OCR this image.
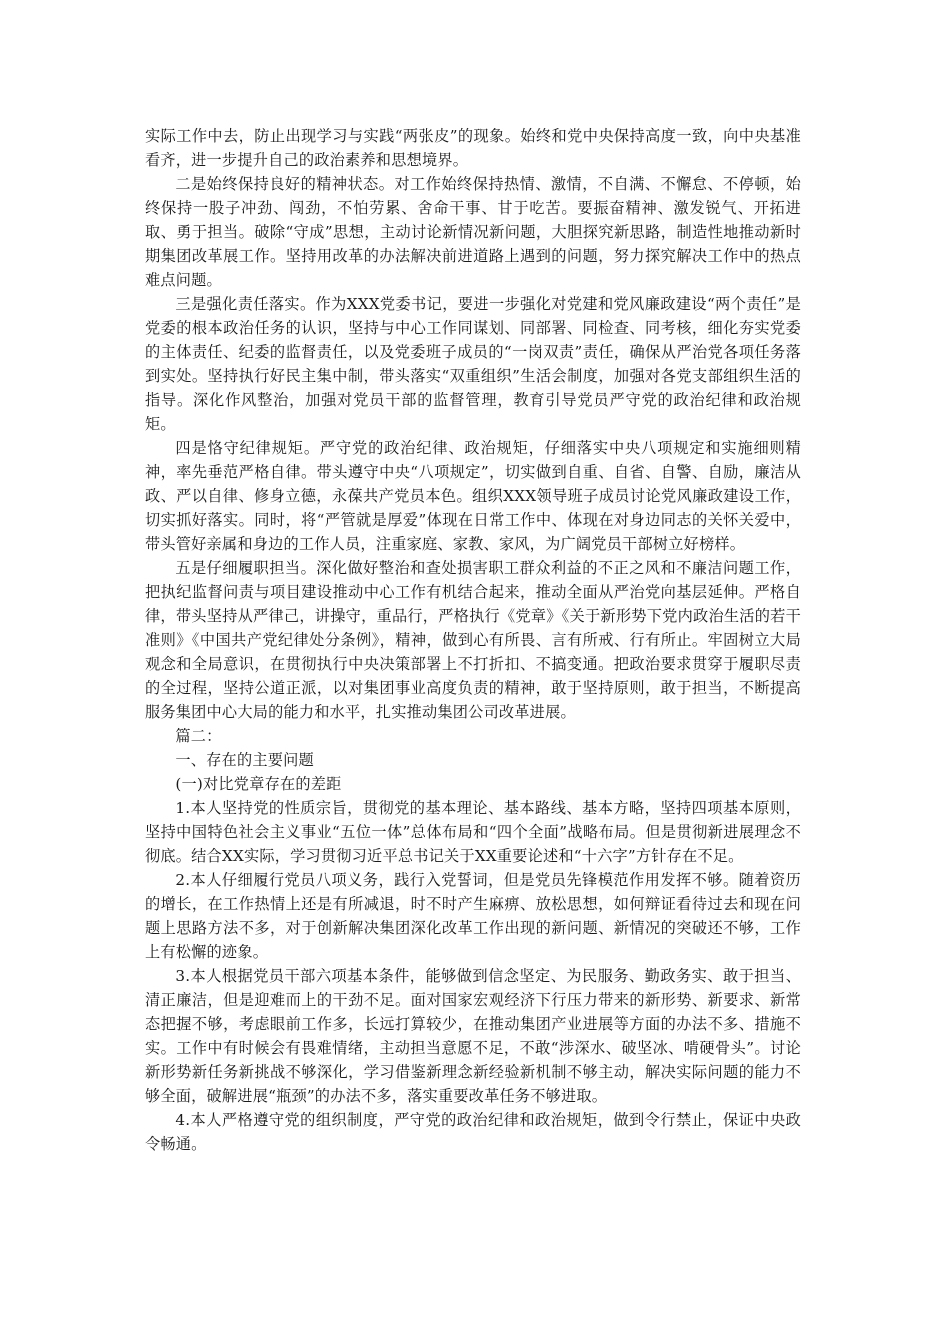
实际工作中去，防止出现学习与实践“两张皮”的现象。始终和党中央保持高度一致，向中央基准看齐，进一步提升自己的政治素养和思想境界。

二是始终保持良好的精神状态。对工作始终保持热情、激情，不自满、不懈怠、不停顿，始终保持一股子冲劲、闯劲，不怕劳累、舍命干事、甘于吃苦。要振奋精神、激发锐气、开拓进取、勇于担当。破除“守成”思想，主动讨论新情况新问题，大胆探究新思路，制造性地推动新时期集团改革展工作。坚持用改革的办法解决前进道路上遇到的问题，努力探究解决工作中的热点难点问题。

三是强化责任落实。作为XXX党委书记，要进一步强化对党建和党风廉政建设“两个责任”是党委的根本政治任务的认识，坚持与中心工作同谋划、同部署、同检查、同考核，细化夯实党委的主体责任、纪委的监督责任，以及党委班子成员的“一岗双责”责任，确保从严治党各项任务落到实处。坚持执行好民主集中制，带头落实“双重组织”生活会制度，加强对各党支部组织生活的指导。深化作风整治，加强对党员干部的监督管理，教育引导党员严守党的政治纪律和政治规矩。

四是恪守纪律规矩。严守党的政治纪律、政治规矩，仔细落实中央八项规定和实施细则精神，率先垂范严格自律。带头遵守中央“八项规定”，切实做到自重、自省、自警、自励，廉洁从政、严以自律、修身立德，永葆共产党员本色。组织XXX领导班子成员讨论党风廉政建设工作，切实抓好落实。同时，将“严管就是厚爱”体现在日常工作中、体现在对身边同志的关怀关爱中，带头管好亲属和身边的工作人员，注重家庭、家教、家风，为广阔党员干部树立好榜样。

五是仔细履职担当。深化做好整治和查处损害职工群众利益的不正之风和不廉洁问题工作，把执纪监督问责与项目建设推动中心工作有机结合起来，推动全面从严治党向基层延伸。严格自律，带头坚持从严律己，讲操守，重品行，严格执行《党章》《关于新形势下党内政治生活的若干准则》《中国共产党纪律处分条例》，精神，做到心有所畏、言有所戒、行有所止。牢固树立大局观念和全局意识，在贯彻执行中央决策部署上不打折扣、不搞变通。把政治要求贯穿于履职尽责的全过程，坚持公道正派，以对集团事业高度负责的精神，敢于坚持原则，敢于担当，不断提高服务集团中心大局的能力和水平，扎实推动集团公司改革进展。

篇二：

一、存在的主要问题

(一)对比党章存在的差距

1.本人坚持党的性质宗旨，贯彻党的基本理论、基本路线、基本方略，坚持四项基本原则，坚持中国特色社会主义事业“五位一体”总体布局和“四个全面”战略布局。但是贯彻新进展理念不彻底。结合XX实际，学习贯彻习近平总书记关于XX重要论述和“十六字”方针存在不足。

2.本人仔细履行党员八项义务，践行入党誓词，但是党员先锋模范作用发挥不够。随着资历的增长，在工作热情上还是有所减退，时不时产生麻痹、放松思想，如何辩证看待过去和现在问题上思路方法不多，对于创新解决集团深化改革工作出现的新问题、新情况的突破还不够，工作上有松懈的迹象。

3.本人根据党员干部六项基本条件，能够做到信念坚定、为民服务、勤政务实、敢于担当、清正廉洁，但是迎难而上的干劲不足。面对国家宏观经济下行压力带来的新形势、新要求、新常态把握不够，考虑眼前工作多，长远打算较少，在推动集团产业进展等方面的办法不多、措施不实。工作中有时候会有畏难情绪，主动担当意愿不足，不敢“涉深水、破坚冰、啃硬骨头”。讨论新形势新任务新挑战不够深化，学习借鉴新理念新经验新机制不够主动，解决实际问题的能力不够全面，破解进展“瓶颈”的办法不多，落实重要改革任务不够进取。

4.本人严格遵守党的组织制度，严守党的政治纪律和政治规矩，做到令行禁止，保证中央政令畅通。
